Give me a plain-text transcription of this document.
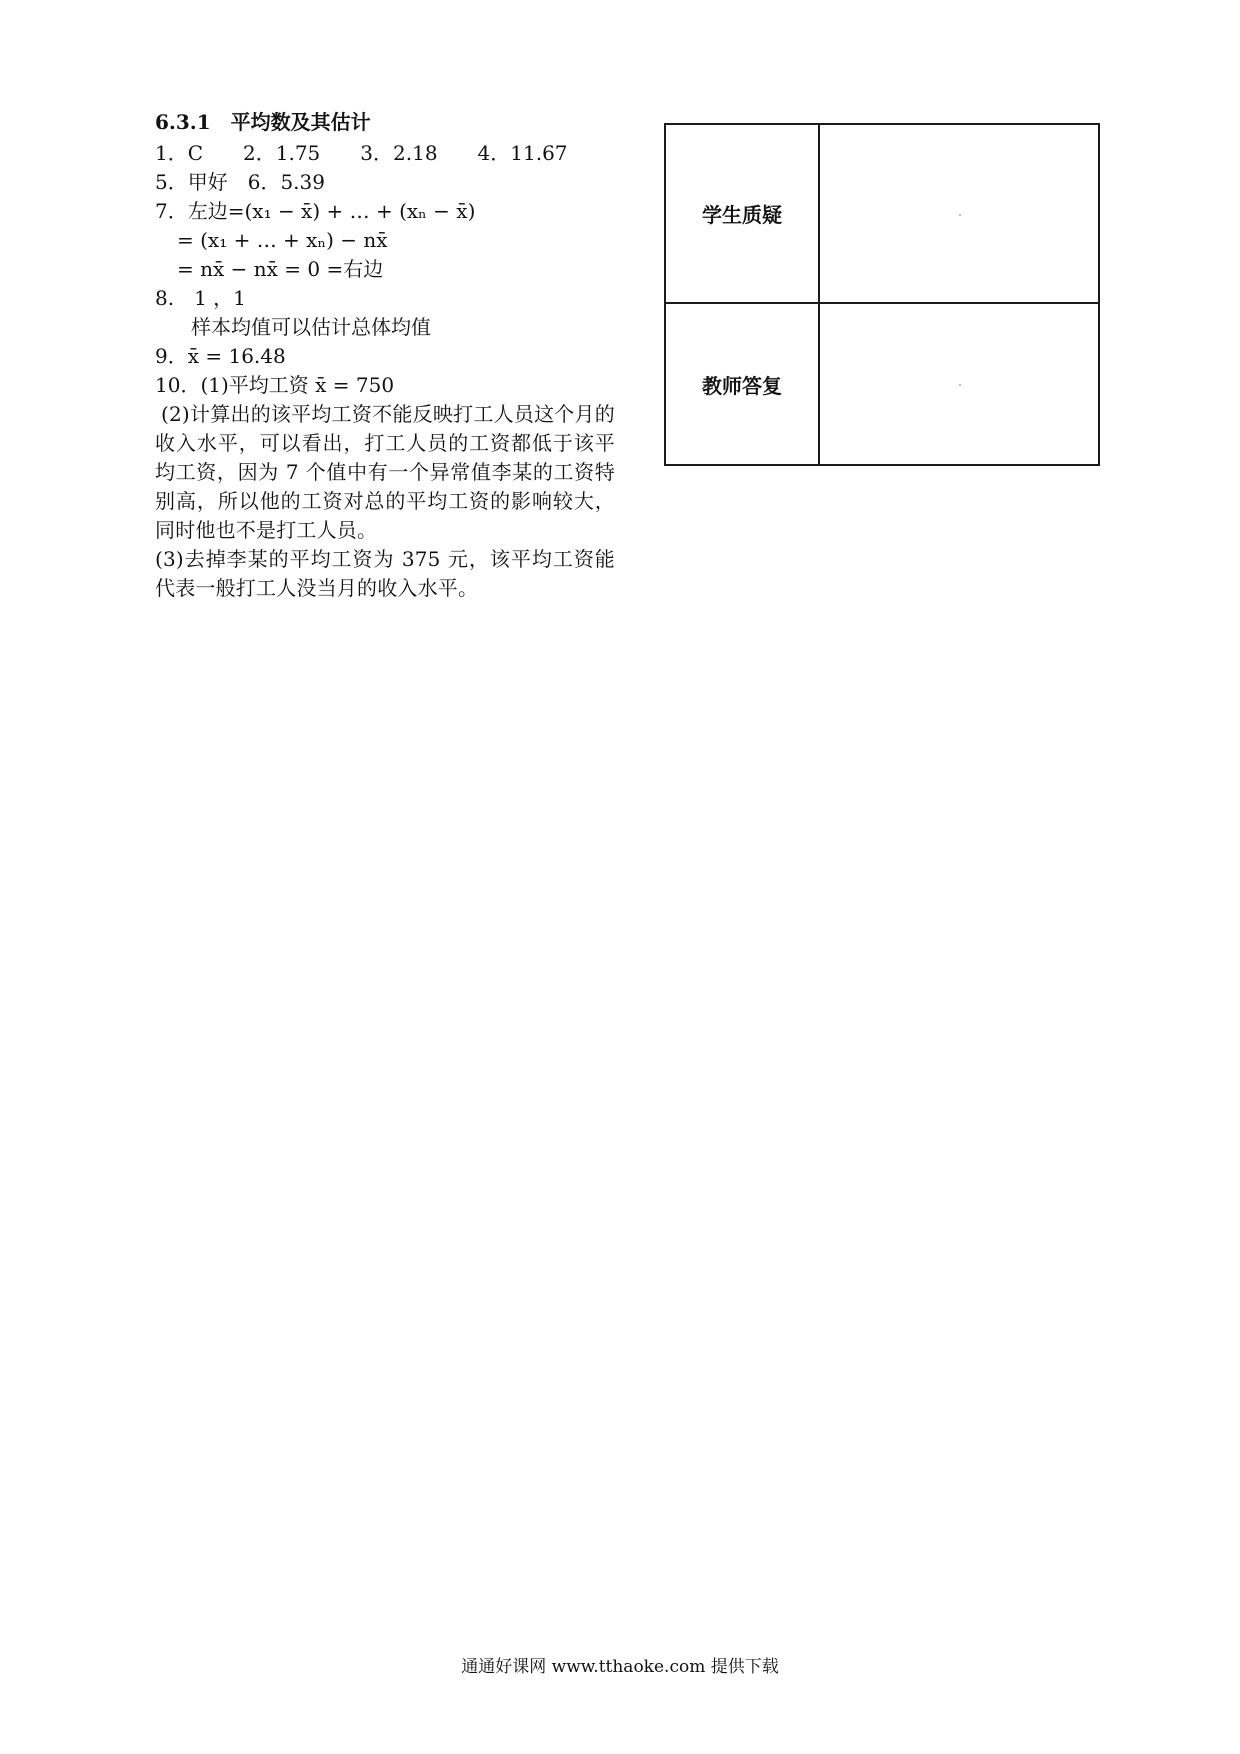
6.3.1　平均数及其估计
1．C　　2．1.75　　3．2.18　　4．11.67
5．甲好　6．5.39
7．左边=(x₁ − x̄) + … + (xₙ − x̄)
= (x₁ + … + xₙ) − nx̄
= nx̄ − nx̄ = 0 =右边
8.　1 ，1
样本均值可以估计总体均值
9．x̄ = 16.48
10．(1)平均工资 x̄ = 750
(2)计算出的该平均工资不能反映打工人员这个月的收入水平，可以看出，打工人员的工资都低于该平均工资，因为 7 个值中有一个异常值李某的工资特别高，所以他的工资对总的平均工资的影响较大，同时他也不是打工人员。
(3)去掉李某的平均工资为 375 元，该平均工资能代表一般打工人没当月的收入水平。
学生质疑	

教师答复	
通通好课网 www.tthaoke.com 提供下载
